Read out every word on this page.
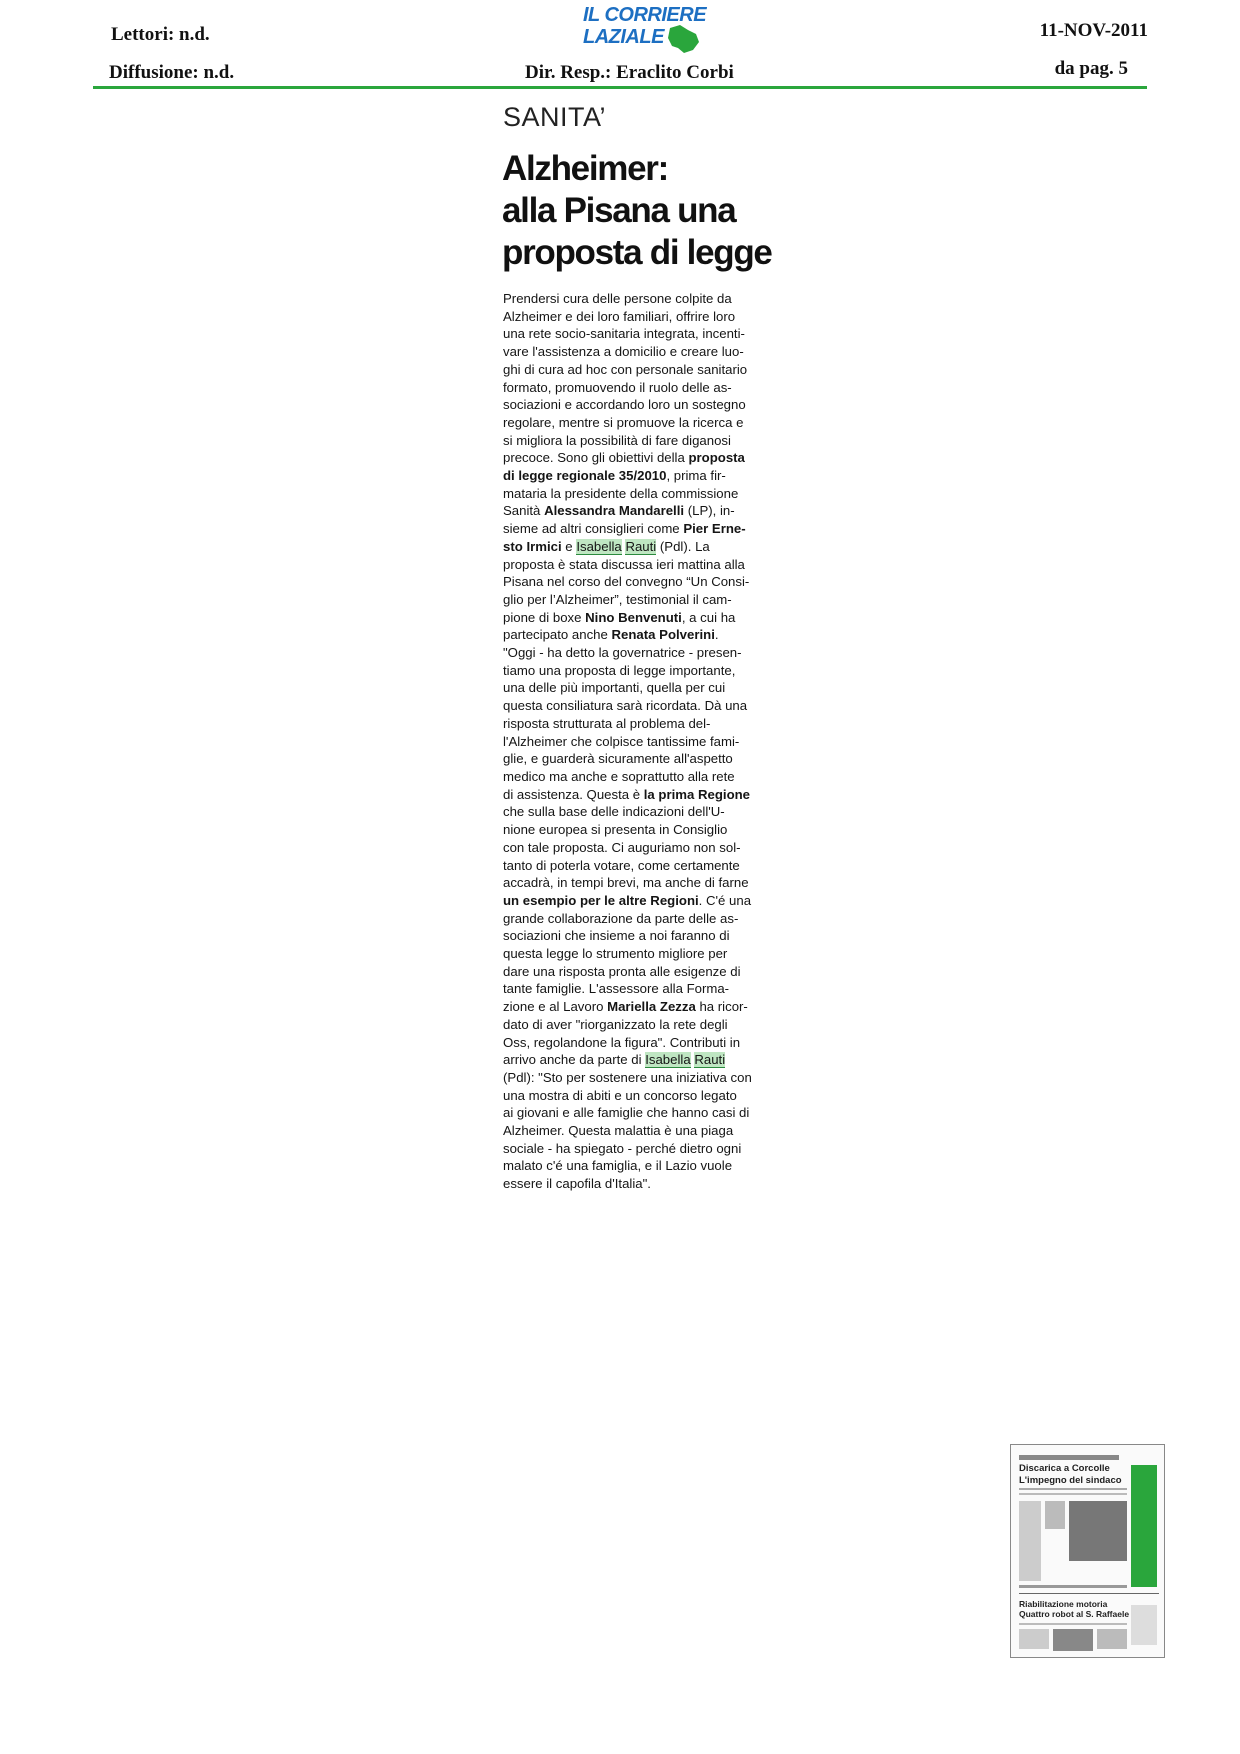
Lettori: n.d.
Diffusione: n.d.	Dir. Resp.: Eraclito Corbi
11-NOV-2011
da pag. 5
IL CORRIERE
LAZIALE
SANITA’
Alzheimer:
alla Pisana una
proposta di legge
Prendersi cura delle persone colpite da
Alzheimer e dei loro familiari, offrire loro
una rete socio-sanitaria integrata, incenti-
vare l'assistenza a domicilio e creare luo-
ghi di cura ad hoc con personale sanitario
formato, promuovendo il ruolo delle as-
sociazioni e accordando loro un sostegno
regolare, mentre si promuove la ricerca e
si migliora la possibilità di fare diganosi
precoce. Sono gli obiettivi della proposta
di legge regionale 35/2010, prima fir-
mataria la presidente della commissione
Sanità Alessandra Mandarelli (LP), in-
sieme ad altri consiglieri come Pier Erne-
sto Irmici e Isabella Rauti (Pdl). La
proposta è stata discussa ieri mattina alla
Pisana nel corso del convegno “Un Consi-
glio per l’Alzheimer”, testimonial il cam-
pione di boxe Nino Benvenuti, a cui ha
partecipato anche Renata Polverini.
"Oggi - ha detto la governatrice - presen-
tiamo una proposta di legge importante,
una delle più importanti, quella per cui
questa consiliatura sarà ricordata. Dà una
risposta strutturata al problema del-
l'Alzheimer che colpisce tantissime fami-
glie, e guarderà sicuramente all'aspetto
medico ma anche e soprattutto alla rete
di assistenza. Questa è la prima Regione
che sulla base delle indicazioni dell'U-
nione europea si presenta in Consiglio
con tale proposta. Ci auguriamo non sol-
tanto di poterla votare, come certamente
accadrà, in tempi brevi, ma anche di farne
un esempio per le altre Regioni. C'é una
grande collaborazione da parte delle as-
sociazioni che insieme a noi faranno di
questa legge lo strumento migliore per
dare una risposta pronta alle esigenze di
tante famiglie. L'assessore alla Forma-
zione e al Lavoro Mariella Zezza ha ricor-
dato di aver "riorganizzato la rete degli
Oss, regolandone la figura". Contributi in
arrivo anche da parte di Isabella Rauti
(Pdl): "Sto per sostenere una iniziativa con
una mostra di abiti e un concorso legato
ai giovani e alle famiglie che hanno casi di
Alzheimer. Questa malattia è una piaga
sociale - ha spiegato - perché dietro ogni
malato c'é una famiglia, e il Lazio vuole
essere il capofila d'Italia".
Discarica a Corcolle
L'impegno del sindaco
Riabilitazione motoria
Quattro robot al S. Raffaele
